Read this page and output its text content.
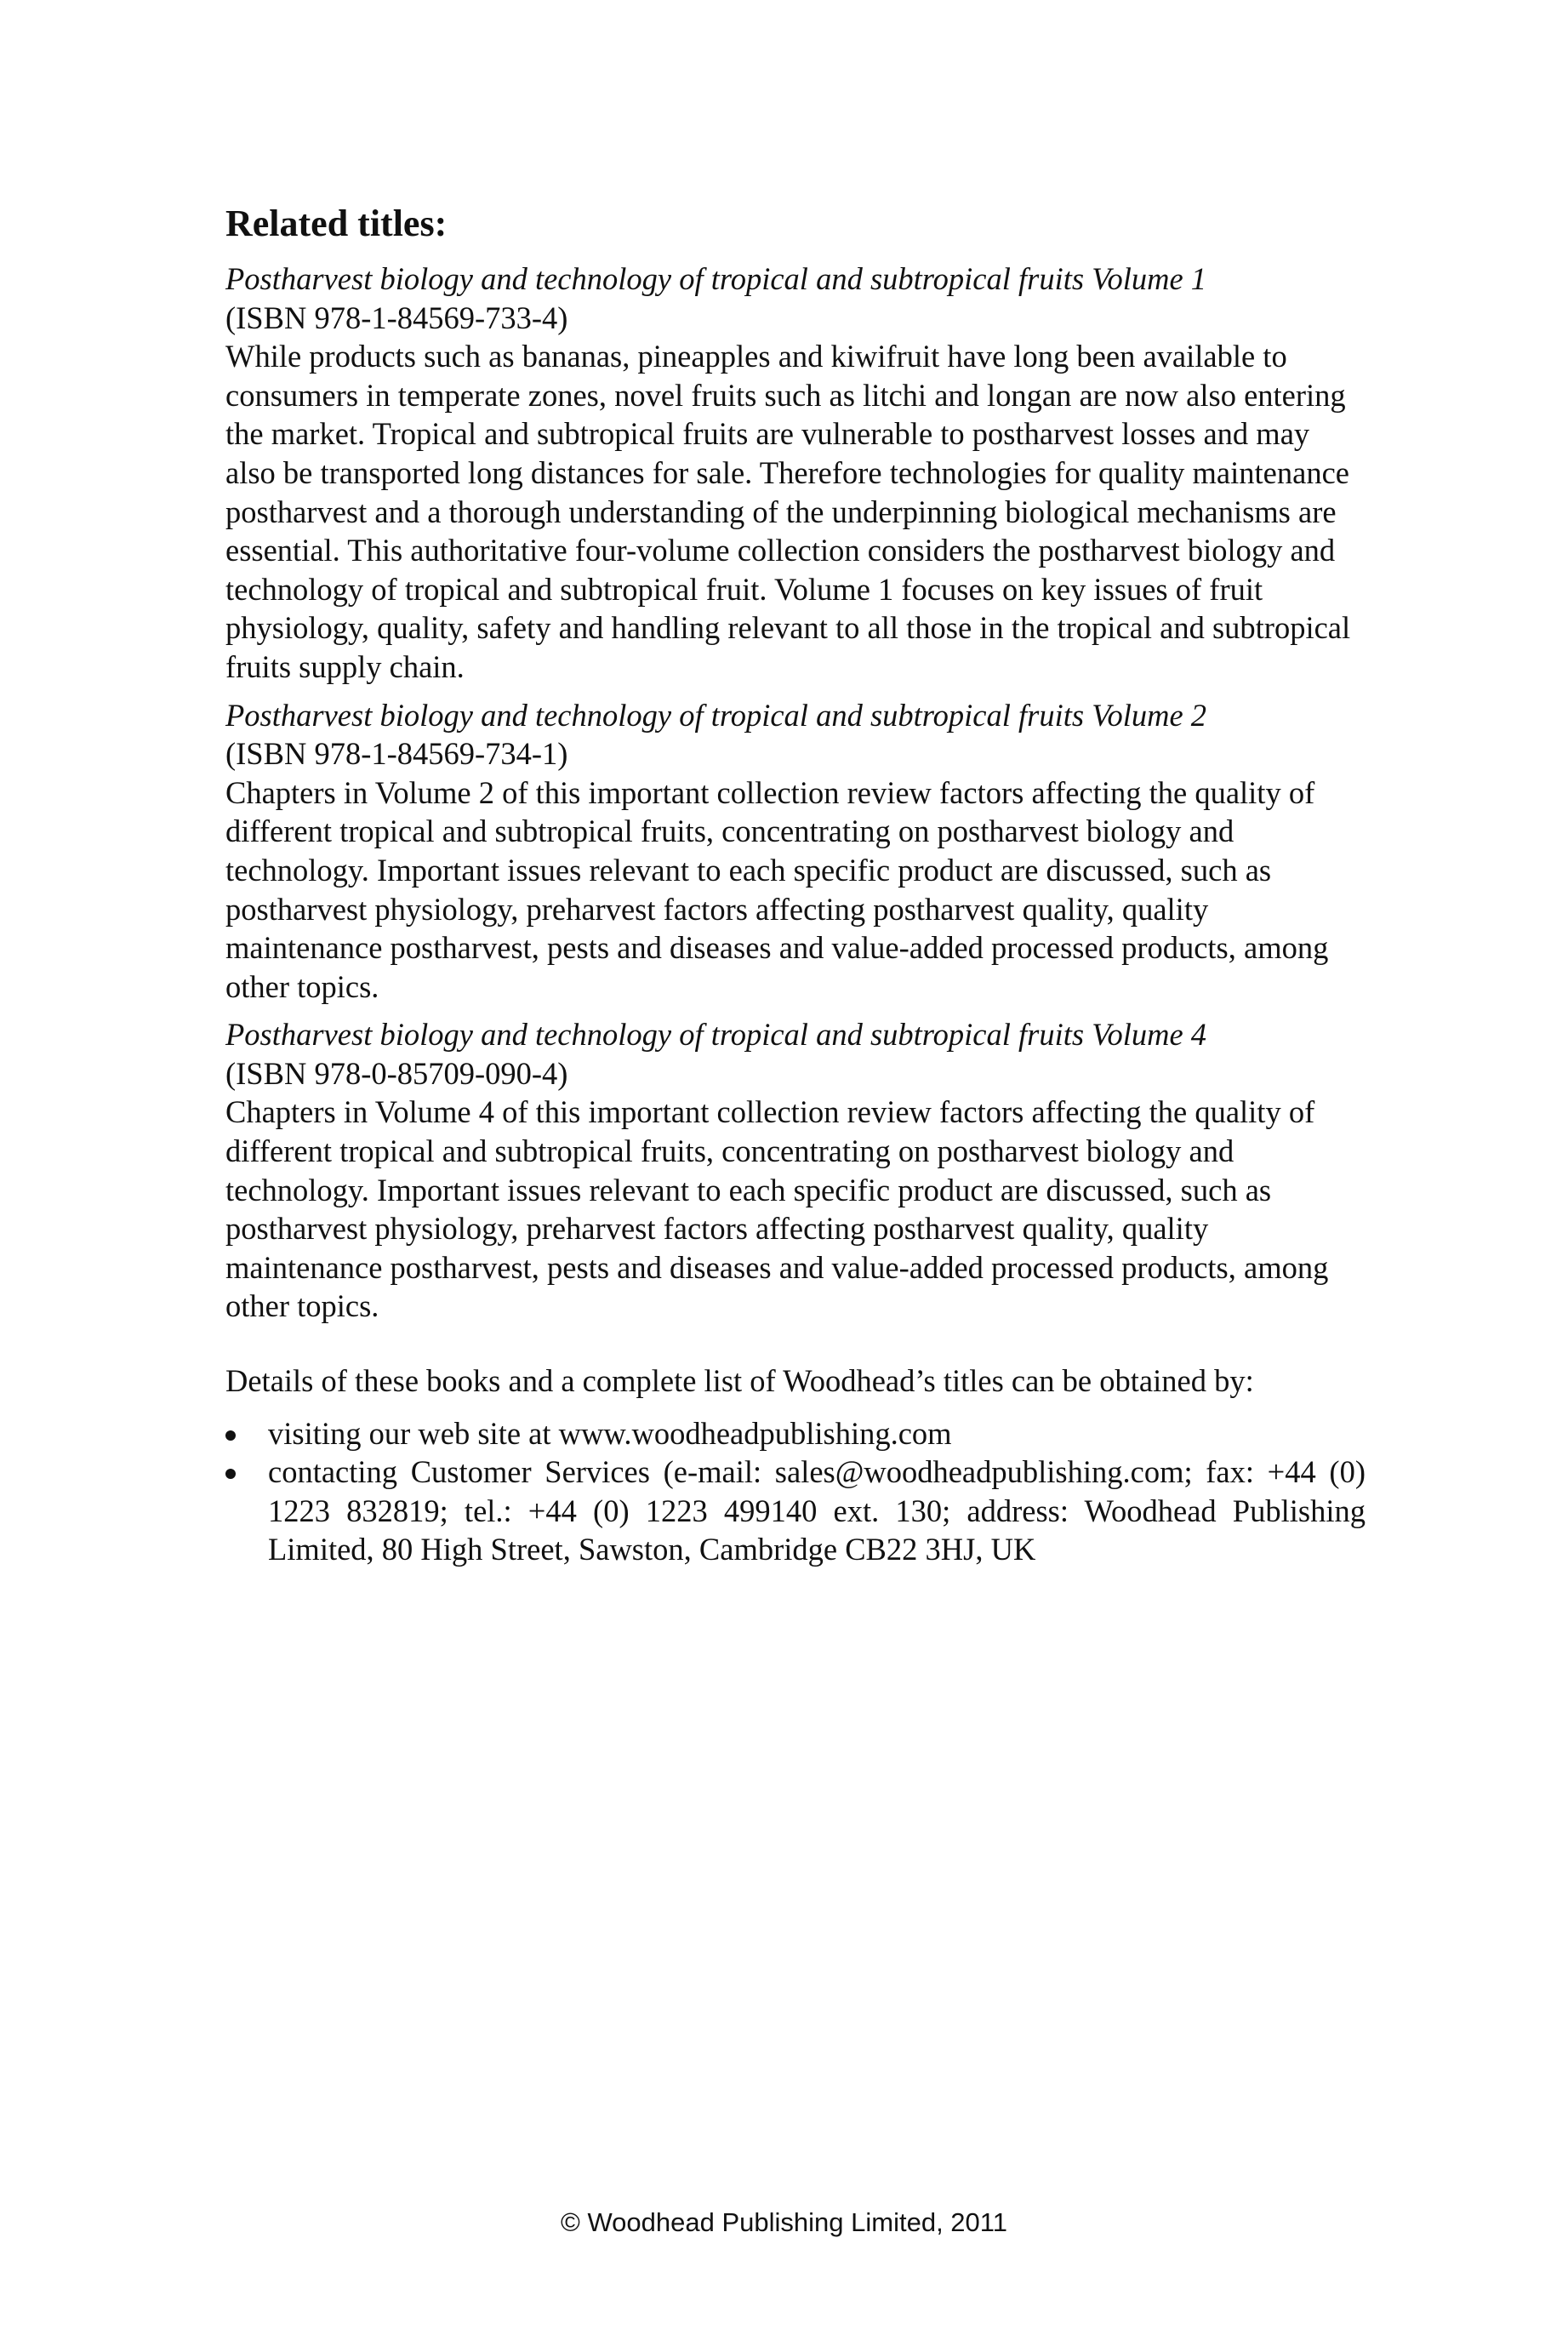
Related titles:
Postharvest biology and technology of tropical and subtropical fruits Volume 1
(ISBN 978-1-84569-733-4)
While products such as bananas, pineapples and kiwifruit have long been available to consumers in temperate zones, novel fruits such as litchi and longan are now also entering the market. Tropical and subtropical fruits are vulnerable to postharvest losses and may also be transported long distances for sale. Therefore technologies for quality maintenance postharvest and a thorough understanding of the underpinning biological mechanisms are essential. This authoritative four-volume collection considers the postharvest biology and technology of tropical and subtropical fruit. Volume 1 focuses on key issues of fruit physiology, quality, safety and handling relevant to all those in the tropical and subtropical fruits supply chain.
Postharvest biology and technology of tropical and subtropical fruits Volume 2
(ISBN 978-1-84569-734-1)
Chapters in Volume 2 of this important collection review factors affecting the quality of different tropical and subtropical fruits, concentrating on postharvest biology and technology. Important issues relevant to each specific product are discussed, such as postharvest physiology, preharvest factors affecting postharvest quality, quality maintenance postharvest, pests and diseases and value-added processed products, among other topics.
Postharvest biology and technology of tropical and subtropical fruits Volume 4
(ISBN 978-0-85709-090-4)
Chapters in Volume 4 of this important collection review factors affecting the quality of different tropical and subtropical fruits, concentrating on postharvest biology and technology. Important issues relevant to each specific product are discussed, such as postharvest physiology, preharvest factors affecting postharvest quality, quality maintenance postharvest, pests and diseases and value-added processed products, among other topics.
Details of these books and a complete list of Woodhead’s titles can be obtained by:
visiting our web site at www.woodheadpublishing.com
contacting Customer Services (e-mail: sales@woodheadpublishing.com; fax: +44 (0) 1223 832819; tel.: +44 (0) 1223 499140 ext. 130; address: Woodhead Publishing Limited, 80 High Street, Sawston, Cambridge CB22 3HJ, UK
© Woodhead Publishing Limited, 2011
